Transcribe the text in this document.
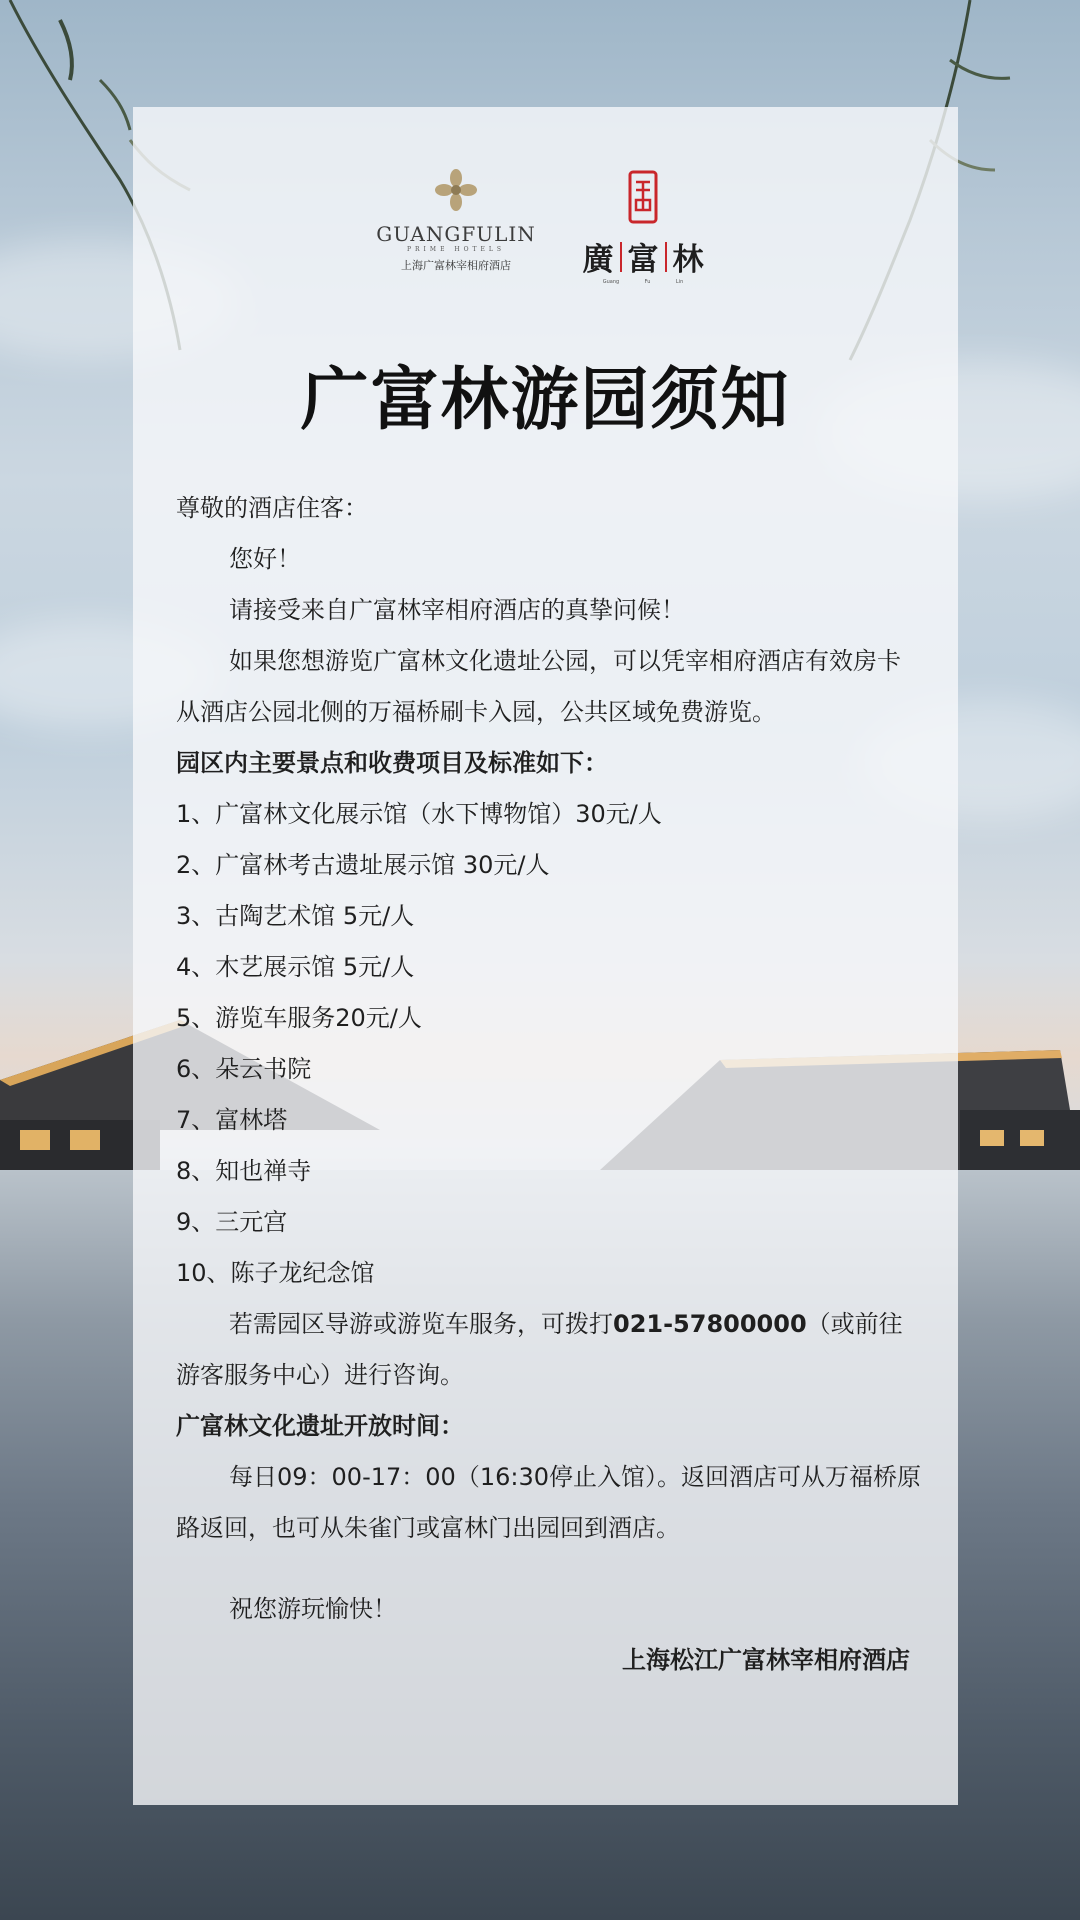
GUANGFULIN
PRIME HOTELS
上海广富林宰相府酒店	廣 富 林
Guang	Fu	Lin
广富林游园须知

尊敬的酒店住客：

您好！

请接受来自广富林宰相府酒店的真挚问候！

如果您想游览广富林文化遗址公园，可以凭宰相府酒店有效房卡从酒店公园北侧的万福桥刷卡入园，公共区域免费游览。

园区内主要景点和收费项目及标准如下：

1、广富林文化展示馆（水下博物馆）30元/人

2、广富林考古遗址展示馆 30元/人

3、古陶艺术馆 5元/人

4、木艺展示馆 5元/人

5、游览车服务20元/人

6、朵云书院

7、富林塔

8、知也禅寺

9、三元宫

10、陈子龙纪念馆

若需园区导游或游览车服务，可拨打021-57800000（或前往游客服务中心）进行咨询。

广富林文化遗址开放时间：

每日09：00-17：00（16:30停止入馆）。返回酒店可从万福桥原路返回，也可从朱雀门或富林门出园回到酒店。

祝您游玩愉快！

上海松江广富林宰相府酒店
